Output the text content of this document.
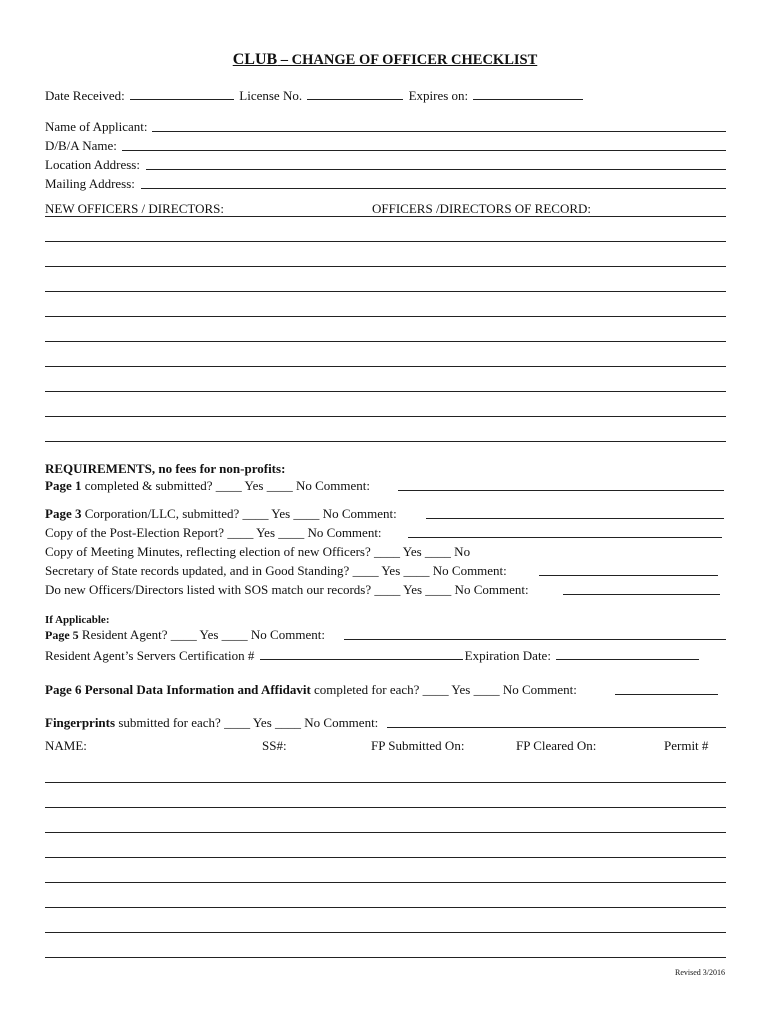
CLUB – CHANGE OF OFFICER CHECKLIST
Date Received:	License No.	Expires on:
Name of Applicant:
D/B/A Name:
Location Address:
Mailing Address:
NEW OFFICERS / DIRECTORS:	OFFICERS /DIRECTORS OF RECORD:
REQUIREMENTS, no fees for non-profits:
Page 1 completed & submitted? ____ Yes ____ No Comment:
Page 3 Corporation/LLC, submitted? ____ Yes ____ No Comment:
Copy of the Post-Election Report? ____ Yes ____ No Comment:
Copy of Meeting Minutes, reflecting election of new Officers? ____ Yes ____ No
Secretary of State records updated, and in Good Standing? ____ Yes ____ No Comment:
Do new Officers/Directors listed with SOS match our records? ____ Yes ____ No Comment:
If Applicable:
Page 5 Resident Agent? ____ Yes ____ No Comment:
Resident Agent’s Servers Certification #	Expiration Date:
Page 6 Personal Data Information and Affidavit completed for each? ____ Yes ____ No Comment:
Fingerprints submitted for each? ____ Yes ____ No Comment:
NAME:	SS#:	FP Submitted On:	FP Cleared On:	Permit #
Revised 3/2016
